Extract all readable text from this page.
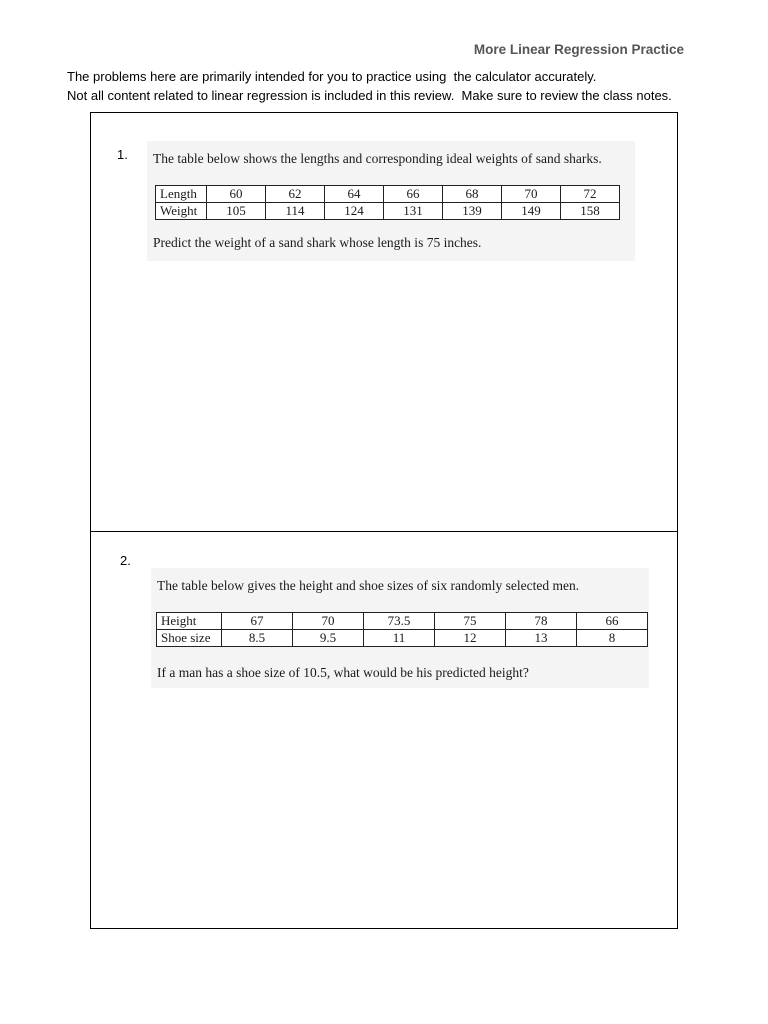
More Linear Regression Practice
The problems here are primarily intended for you to practice using  the calculator accurately.
Not all content related to linear regression is included in this review.  Make sure to review the class notes.
1. The table below shows the lengths and corresponding ideal weights of sand sharks.
Length	60	62	64	66	68	70	72
Weight	105	114	124	131	139	149	158
Predict the weight of a sand shark whose length is 75 inches.
2.
The table below gives the height and shoe sizes of six randomly selected men.
Height	67	70	73.5	75	78	66
Shoe size	8.5	9.5	11	12	13	8
If a man has a shoe size of 10.5, what would be his predicted height?
